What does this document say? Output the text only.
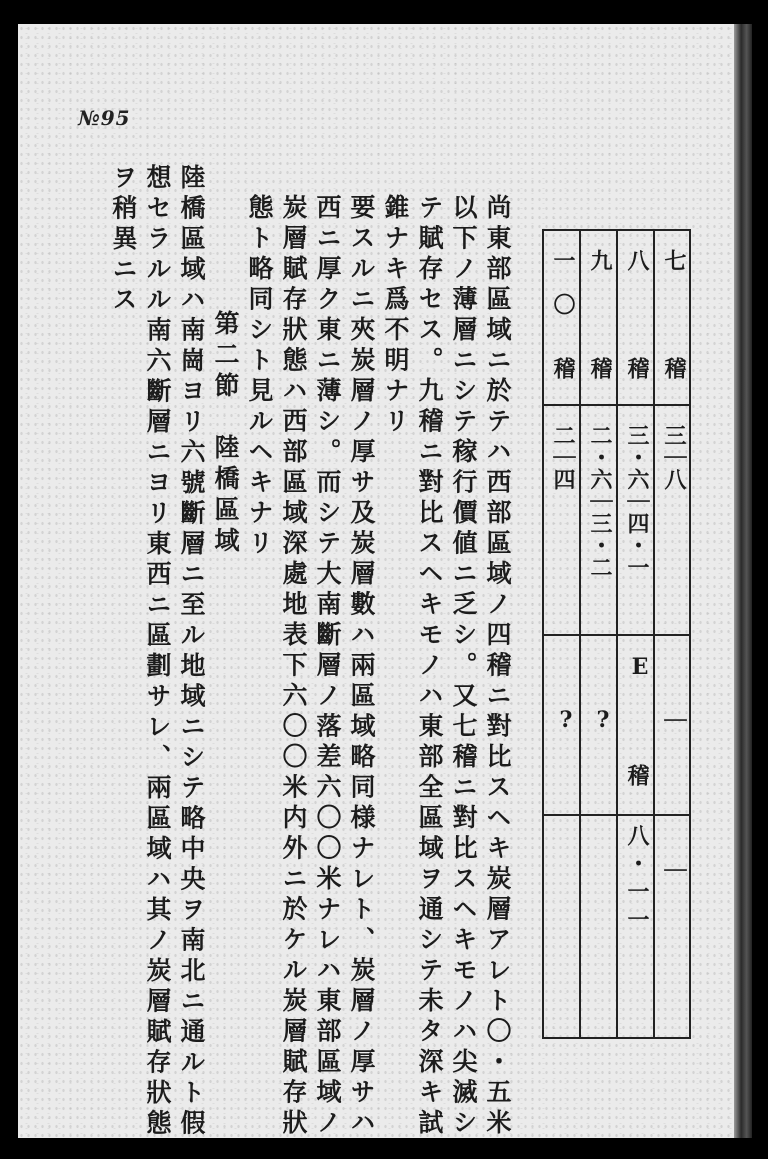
№95
七
稽
三｜八
｜
｜
八
稽
三・六｜四・一
E
稽 八・一一
九
稽
二・六｜三・二
?
一〇
稽
二｜四
?
尚東部區域ニ於テハ西部區域ノ四稽ニ對比スヘキ炭層アレト〇・五米
以下ノ薄層ニシテ稼行價値ニ乏シ。又七稽ニ對比スヘキモノハ尖滅シ
テ賦存セス。九稽ニ對比スヘキモノハ東部全區域ヲ通シテ未タ深キ試
錐ナキ爲不明ナリ
要スルニ夾炭層ノ厚サ及炭層數ハ兩區域略同様ナレト、炭層ノ厚サハ
西ニ厚ク東ニ薄シ。而シテ大南斷層ノ落差六〇〇米ナレハ東部區域ノ
炭層賦存狀態ハ西部區域深處地表下六〇〇米内外ニ於ケル炭層賦存狀
態ト略同シト見ルヘキナリ
第二節　陸橋區域
陸橋區域ハ南崗ヨリ六號斷層ニ至ル地域ニシテ略中央ヲ南北ニ通ルト假
想セラルル南六斷層ニヨリ東西ニ區劃サレ、兩區域ハ其ノ炭層賦存狀態
ヲ稍異ニス
